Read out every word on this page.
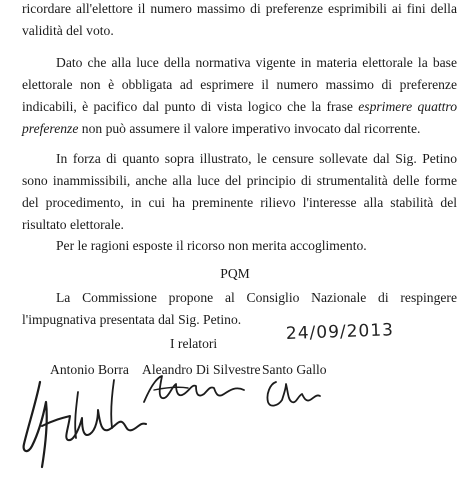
ricordare all'elettore il numero massimo di preferenze esprimibili ai fini della validità del voto.

Dato che alla luce della normativa vigente in materia elettorale la base elettorale non è obbligata ad esprimere il numero massimo di preferenze indicabili, è pacifico dal punto di vista logico che la frase esprimere quattro preferenze non può assumere il valore imperativo invocato dal ricorrente.

In forza di quanto sopra illustrato, le censure sollevate dal Sig. Petino sono inammissibili, anche alla luce del principio di strumentalità delle forme del procedimento, in cui ha preminente rilievo l'interesse alla stabilità del risultato elettorale.

Per le ragioni esposte il ricorso non merita accoglimento.

PQM

La Commissione propone al Consiglio Nazionale di respingere l'impugnativa presentata dal Sig. Petino.

I relatori	24/09/2013
Antonio Borra Aleandro Di Silvestre Santo Gallo
